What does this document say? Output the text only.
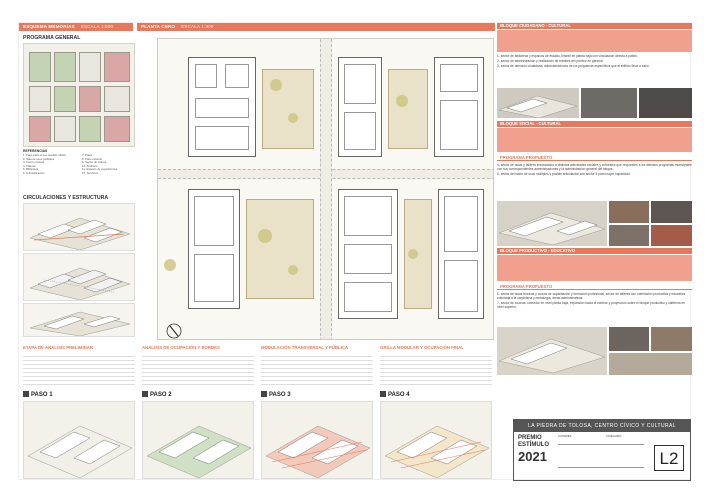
ESQUEMA MEMORIAS ESCALA 1:500	PLANTA CERO ESCALA 1:300
PROGRAMA GENERAL
REFERENCIAS
1. Patio para el que puedan ubicar
2. Sala de usos múltiples
3. Centro cultural
4. Talleres
5. Biblioteca
6. Administración
7. Plaza
8. Patio cubierto
9. Sector de cultura
10. Auditorio
11. Espacio de exposiciones
12. Servicios
CIRCULACIONES Y ESTRUCTURA
BLOQUE CIUDADANO - CULTURAL
1- sector de biblioteca y espacios de estudio, infantil en planta baja con vinculación directa a patios.
2- sector de administración y realización de trámites del público en general.
3- sector de atención ciudadana, administraciones de los programas específicos que el edificio lleva a cabo.
BLOQUE SOCIAL - CULTURAL
PROGRAMA PROPUESTO
4- sector de aulas y talleres encauzados a distintas actividades sociales y culturales que responden a los distintos programas municipales con sus correspondientes administraciones y la administración general del bloque.
5- sector del salón de usos múltiples y posible articulación con sector 5 para mayor capacidad.
BLOQUE PRODUCTIVO - EDUCATIVO
PROGRAMA PROPUESTO
6- sector de aulas teóricas y cursos de capacitación y formación profesional, sector de talleres con orientación productiva y educativa orientada a la carpintería y metalurgia, áreas administrativas.
7- sector de cocinas, comedor en nivel planta baja, expansión hacia el exterior y proyección sobre el bloque productivo y cafetería en nivel superior.
LA PIEDRA DE TOLOSA, CENTRO CÍVICO Y CULTURAL
PREMIO
ESTÍMULO
2021
AUTOR/ES:	CATEGORÍA:
L2
ETAPA DE ANÁLISIS PRELIMINAR
PASO 1
ANÁLISIS DE OCUPACIÓN Y BORDES
PASO 2
MODULACIÓN TRANSVERSAL Y PÚBLICA
PASO 3
GRILLA MODULAR Y OCUPACIÓN FINAL
PASO 4
